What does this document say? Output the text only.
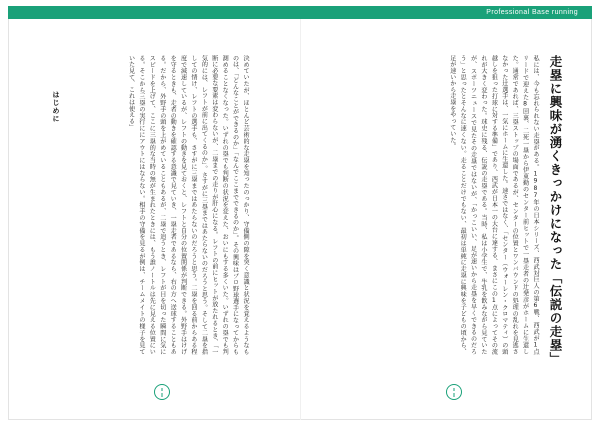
Professional Base running
走塁に興味が湧くきっかけになった「伝説の走塁」
私には、今も忘れられない走塁がある。1987年の日本シリーズ、西武対巨人の第6戦、西武が1点リードで迎えた8回裏、二死一塁から伊東勤のセンター前ヒットで一塁走者の辻発彦がホームに生還した。通常であれば、三塁ストップの場面であるが、センターの位置とワンバウンドの処理の乱れを見逃さなかった辻選手は、一気にホームに生還した。速さではなく、「センター（ウォーレン・クロマティ）の頭越しを狙った打球に対する準備」であり、西武が日本一の大台に達する、まさにこの1点によってその流れが大きく変わった。球史に残る、伝説の走塁である。当時、私は小学生で、牛乳を飲みながら見ていたが、スポーツニュースで見たその走塁ではないが、「かっこいい、足が速いから走塁を早くできるのだろう」と思ったとそんなに速くない。走ることだけでもない、最初は単純に走塁に興味を子どもの頃から、足が速いから走塁をやっていた。
はじめに	決めていたが、ほとんど芸術的な走塁を知ったのっかり、守備側の隙を突く意識と状況を覚えるようなものは、「どんなことができるのか」「なんでここまでできるのか」。その興味はプロ野球選手になってからも測めることなくなった。いずれの塁でも判断の状況を変えた、おいにもする多くいた。いずれの塁でも判断に必要な要素は変わらないが、二塁までの走りが肝心になる。レフトの前にヒットが放たれるとき、「一気的には、レフトが前に出てくるのか」。さすがに三塁まではあたらないのだろうと思う。そして二塁を指しての情け、レフトの選手も、さすがに三塁まではあたらないのだろうと思う。二塁を回る前からある程度で減速しているが、レフトの動きを見ておくと、レフトと自分の位置関係が判断できる。外野手はけげを守るときも、走者の動きを確認する意識で見ていき、一塁走者であるなら、右の方へ送球することもある。だから、外野手の頭を上がめていることもあるが、二塁で追うとき、レフトが目を切った瞬間に気にスピードを上げて、ここに三塁的な当時の無が生まれたときには、もう誰ノートルは先に見える位置にいる。そこから三塁の実行ににアウトにはならない。相手の守備を見るが例は、チームメイトの様子を見ていた見て、これは使える」
